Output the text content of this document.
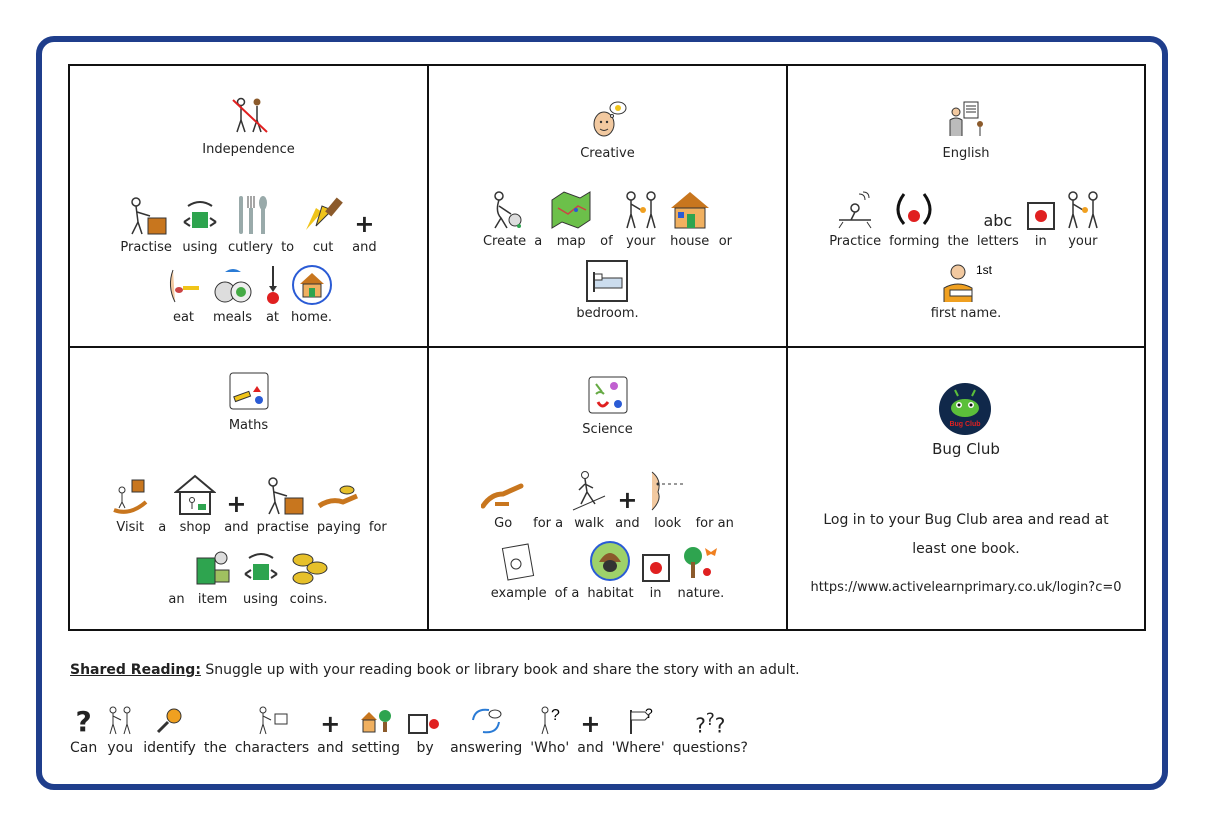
Independence
Practise using cutlery to cut
+
and
eat meals at home.
Creative
Create a map of your house or
bedroom.
English
Practice forming the
abc
letters in your
1st
first name.
Maths
Visit a shop
+
and practise paying for
an item using coins.
Science
Go for a walk
+
and look for an
example of a habitat in nature.
Bug Club
Bug Club
Log in to your Bug Club area and read at least one book.
https://www.activelearnprimary.co.uk/login?c=0
Shared Reading: Snuggle up with your reading book or library book and share the story with an adult.
?
Can you identify the characters
+
and setting by answering
?
'Who'
+
and
?
'Where'
???
questions?
